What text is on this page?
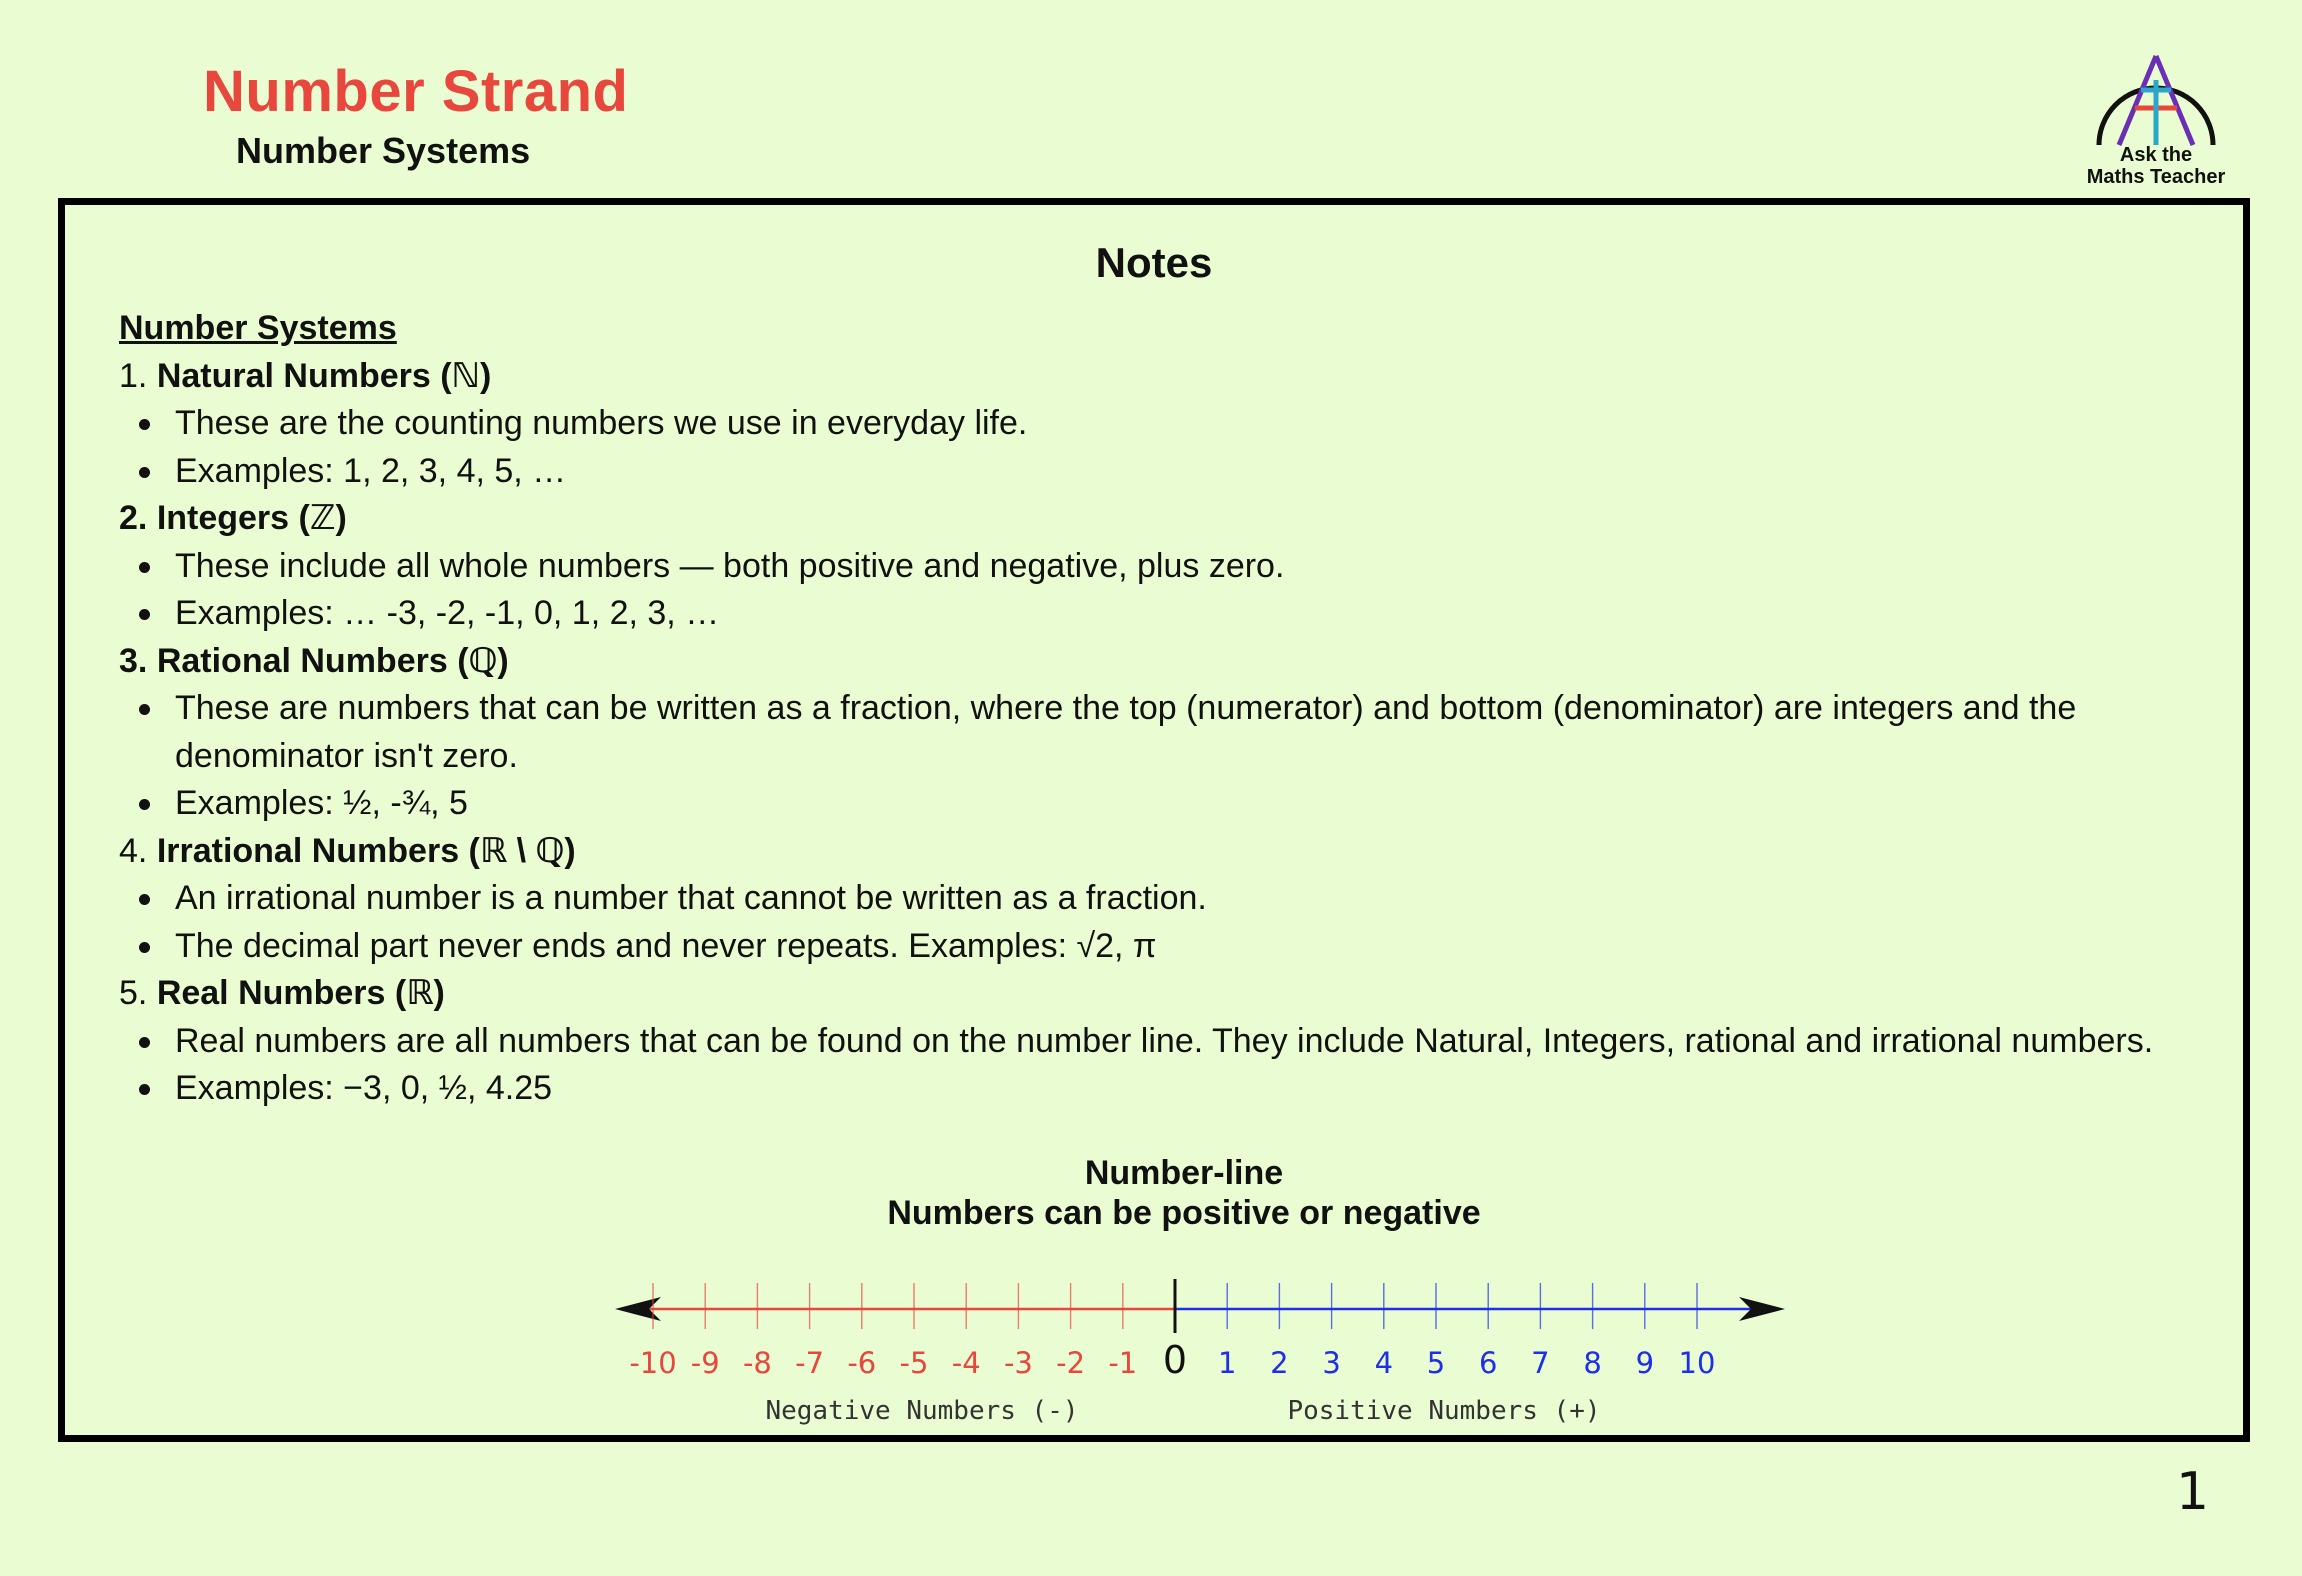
Number Strand
Number Systems	Ask the
Maths Teacher
Notes
Number Systems
1. Natural Numbers (ℕ)
These are the counting numbers we use in everyday life.
Examples: 1, 2, 3, 4, 5, …
2. Integers (ℤ)
These include all whole numbers — both positive and negative, plus zero.
Examples: … -3, -2, -1, 0, 1, 2, 3, …
3. Rational Numbers (ℚ)
These are numbers that can be written as a fraction, where the top (numerator) and bottom (denominator) are integers and the denominator isn't zero.
Examples: ½, -¾, 5
4. Irrational Numbers (ℝ \ ℚ)
An irrational number is a number that cannot be written as a fraction.
The decimal part never ends and never repeats. Examples: √2, π
5. Real Numbers (ℝ)
Real numbers are all numbers that can be found on the number line. They include Natural, Integers, rational and irrational numbers.
Examples: −3, 0, ½, 4.25
Number-line
Numbers can be positive or negative
-10 -9 -8 -7 -6 -5 -4 -3 -2 -1 0 1 2 3 4 5 6 7 8 9 10
Negative Numbers (-)	Positive Numbers (+)
1
